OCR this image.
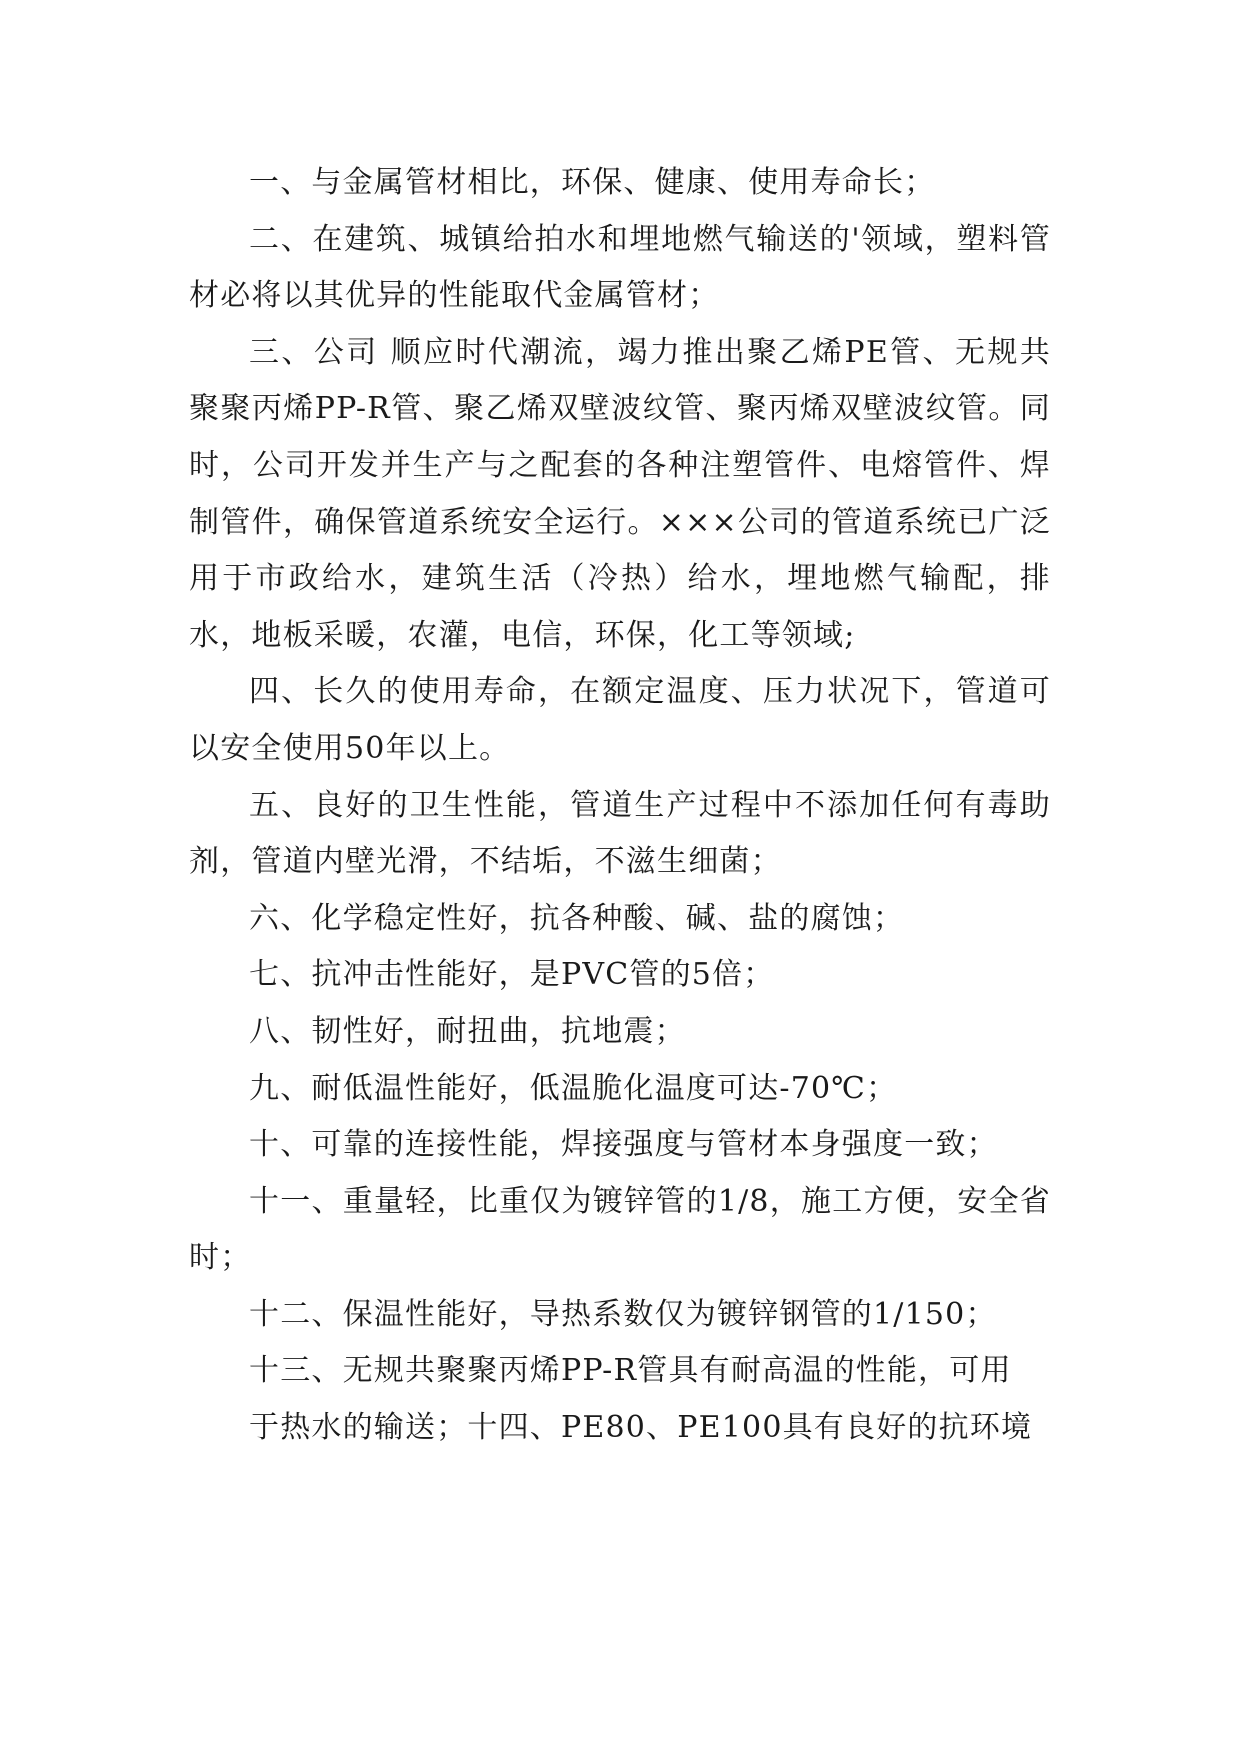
一、与金属管材相比，环保、健康、使用寿命长；

二、在建筑、城镇给拍水和埋地燃气输送的'领域，塑料管材必将以其优异的性能取代金属管材；

三、公司 顺应时代潮流，竭力推出聚乙烯PE管、无规共聚聚丙烯PP-R管、聚乙烯双壁波纹管、聚丙烯双壁波纹管。同时，公司开发并生产与之配套的各种注塑管件、电熔管件、焊制管件，确保管道系统安全运行。×××公司的管道系统已广泛用于市政给水，建筑生活（冷热）给水，埋地燃气输配，排水，地板采暖，农灌，电信，环保，化工等领域;

四、长久的使用寿命，在额定温度、压力状况下，管道可以安全使用50年以上。

五、良好的卫生性能，管道生产过程中不添加任何有毒助剂，管道内壁光滑，不结垢，不滋生细菌；

六、化学稳定性好，抗各种酸、碱、盐的腐蚀；

七、抗冲击性能好，是PVC管的5倍；

八、韧性好，耐扭曲，抗地震；

九、耐低温性能好，低温脆化温度可达-70℃；

十、可靠的连接性能，焊接强度与管材本身强度一致；

十一、重量轻，比重仅为镀锌管的1/8，施工方便，安全省时；

十二、保温性能好，导热系数仅为镀锌钢管的1/150；

十三、无规共聚聚丙烯PP-R管具有耐高温的性能，可用

于热水的输送；十四、PE80、PE100具有良好的抗环境
